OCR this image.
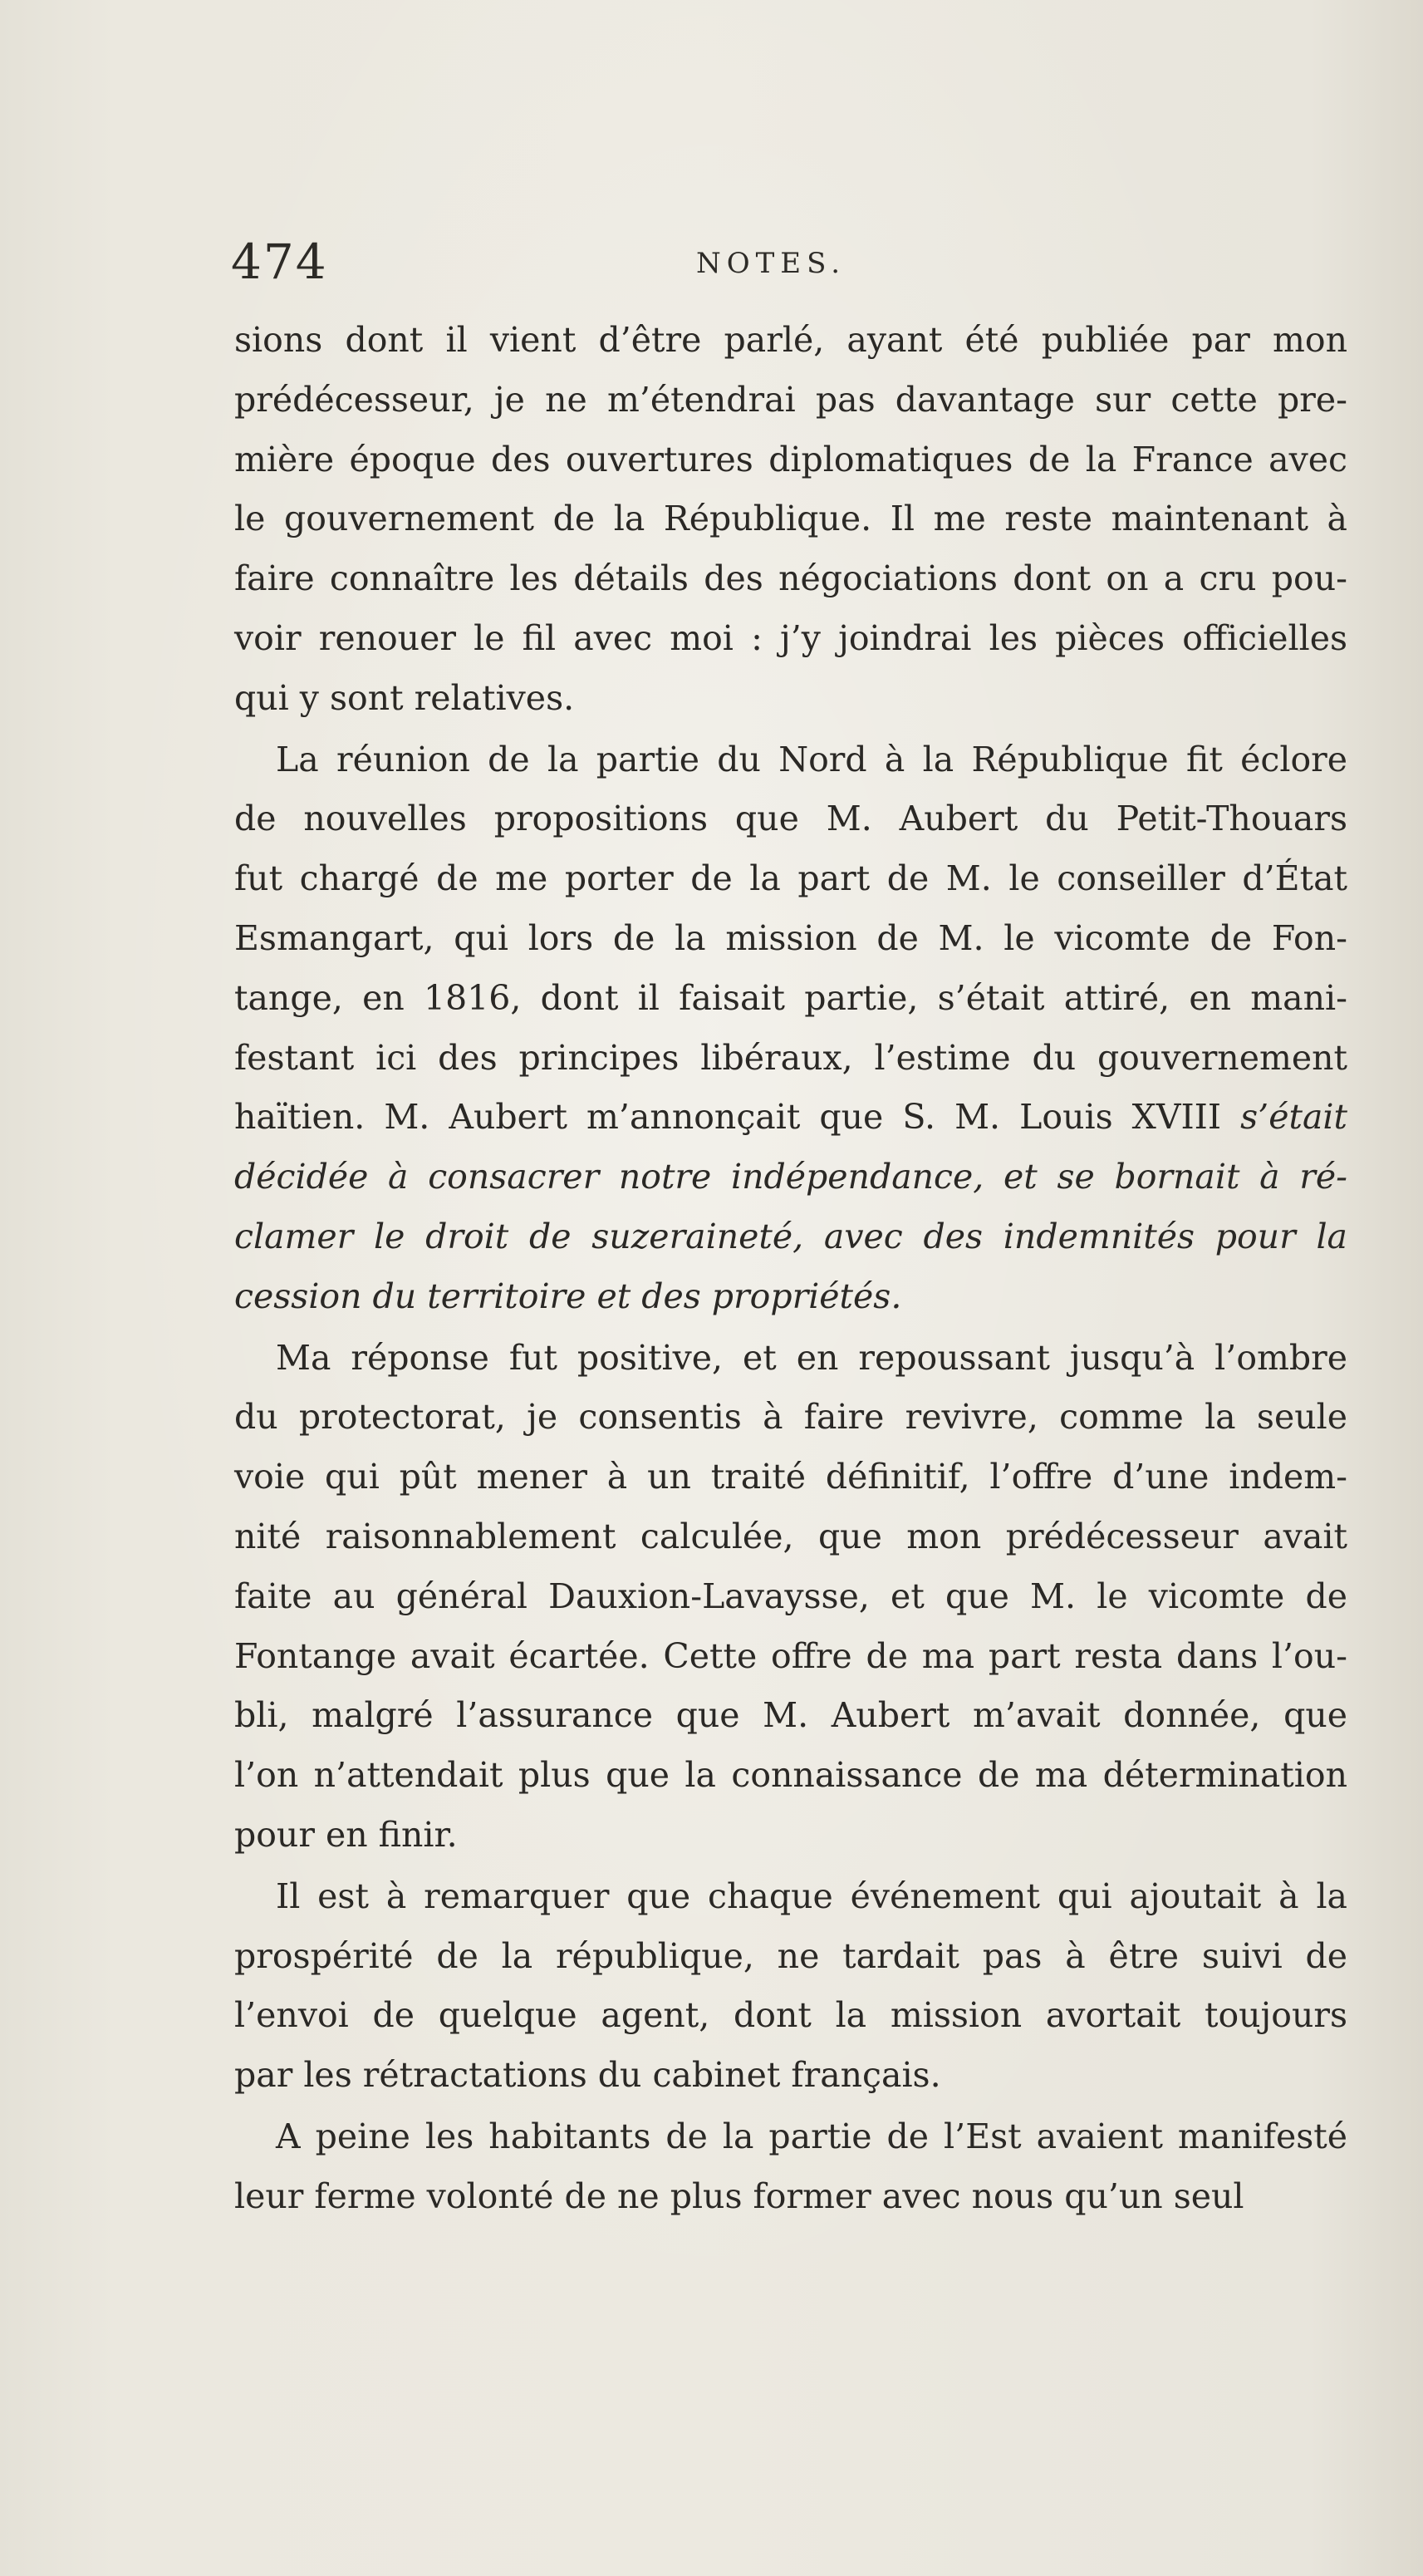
474	NOTES.
sions dont il vient d’être parlé, ayant été publiée par mon
prédécesseur, je ne m’étendrai pas davantage sur cette pre-
mière époque des ouvertures diplomatiques de la France avec
le gouvernement de la République. Il me reste maintenant à
faire connaître les détails des négociations dont on a cru pou-
voir renouer le fil avec moi : j’y joindrai les pièces officielles
qui y sont relatives.
La réunion de la partie du Nord à la République fit éclore
de nouvelles propositions que M. Aubert du Petit-Thouars
fut chargé de me porter de la part de M. le conseiller d’État
Esmangart, qui lors de la mission de M. le vicomte de Fon-
tange, en 1816, dont il faisait partie, s’était attiré, en mani-
festant ici des principes libéraux, l’estime du gouvernement
haïtien. M. Aubert m’annonçait que S. M. Louis XVIII s’était
décidée à consacrer notre indépendance, et se bornait à ré-
clamer le droit de suzeraineté, avec des indemnités pour la
cession du territoire et des propriétés.
Ma réponse fut positive, et en repoussant jusqu’à l’ombre
du protectorat, je consentis à faire revivre, comme la seule
voie qui pût mener à un traité définitif, l’offre d’une indem-
nité raisonnablement calculée, que mon prédécesseur avait
faite au général Dauxion-Lavaysse, et que M. le vicomte de
Fontange avait écartée. Cette offre de ma part resta dans l’ou-
bli, malgré l’assurance que M. Aubert m’avait donnée, que
l’on n’attendait plus que la connaissance de ma détermination
pour en finir.
Il est à remarquer que chaque événement qui ajoutait à la
prospérité de la république, ne tardait pas à être suivi de
l’envoi de quelque agent, dont la mission avortait toujours
par les rétractations du cabinet français.
A peine les habitants de la partie de l’Est avaient manifesté
leur ferme volonté de ne plus former avec nous qu’un seul
